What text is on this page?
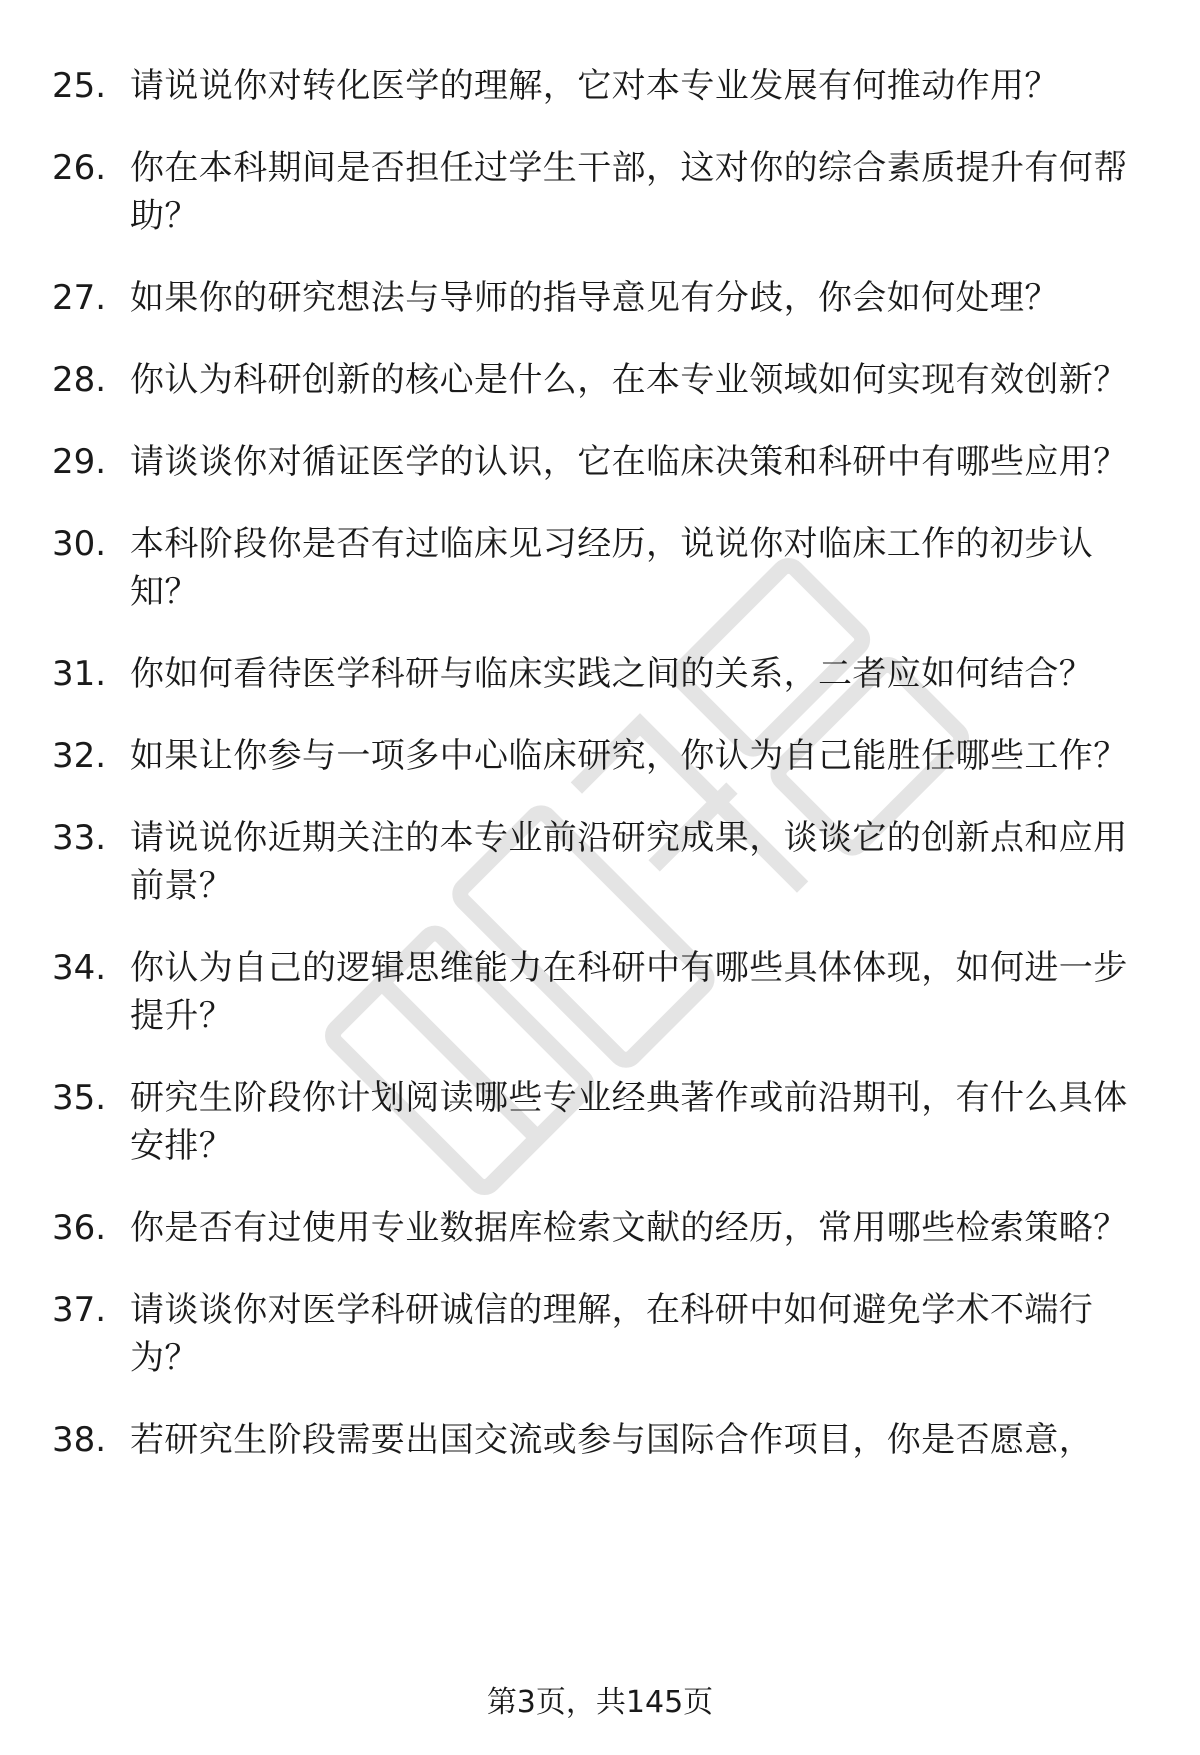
25. 请说说你对转化医学的理解，它对本专业发展有何推动作用？
26. 你在本科期间是否担任过学生干部，这对你的综合素质提升有何帮助？
27. 如果你的研究想法与导师的指导意见有分歧，你会如何处理？
28. 你认为科研创新的核心是什么，在本专业领域如何实现有效创新？
29. 请谈谈你对循证医学的认识，它在临床决策和科研中有哪些应用？
30. 本科阶段你是否有过临床见习经历，说说你对临床工作的初步认知？
31. 你如何看待医学科研与临床实践之间的关系，二者应如何结合？
32. 如果让你参与一项多中心临床研究，你认为自己能胜任哪些工作？
33. 请说说你近期关注的本专业前沿研究成果，谈谈它的创新点和应用前景？
34. 你认为自己的逻辑思维能力在科研中有哪些具体体现，如何进一步提升？
35. 研究生阶段你计划阅读哪些专业经典著作或前沿期刊，有什么具体安排？
36. 你是否有过使用专业数据库检索文献的经历，常用哪些检索策略？
37. 请谈谈你对医学科研诚信的理解，在科研中如何避免学术不端行为？
38. 若研究生阶段需要出国交流或参与国际合作项目，你是否愿意，
第3页，共145页
